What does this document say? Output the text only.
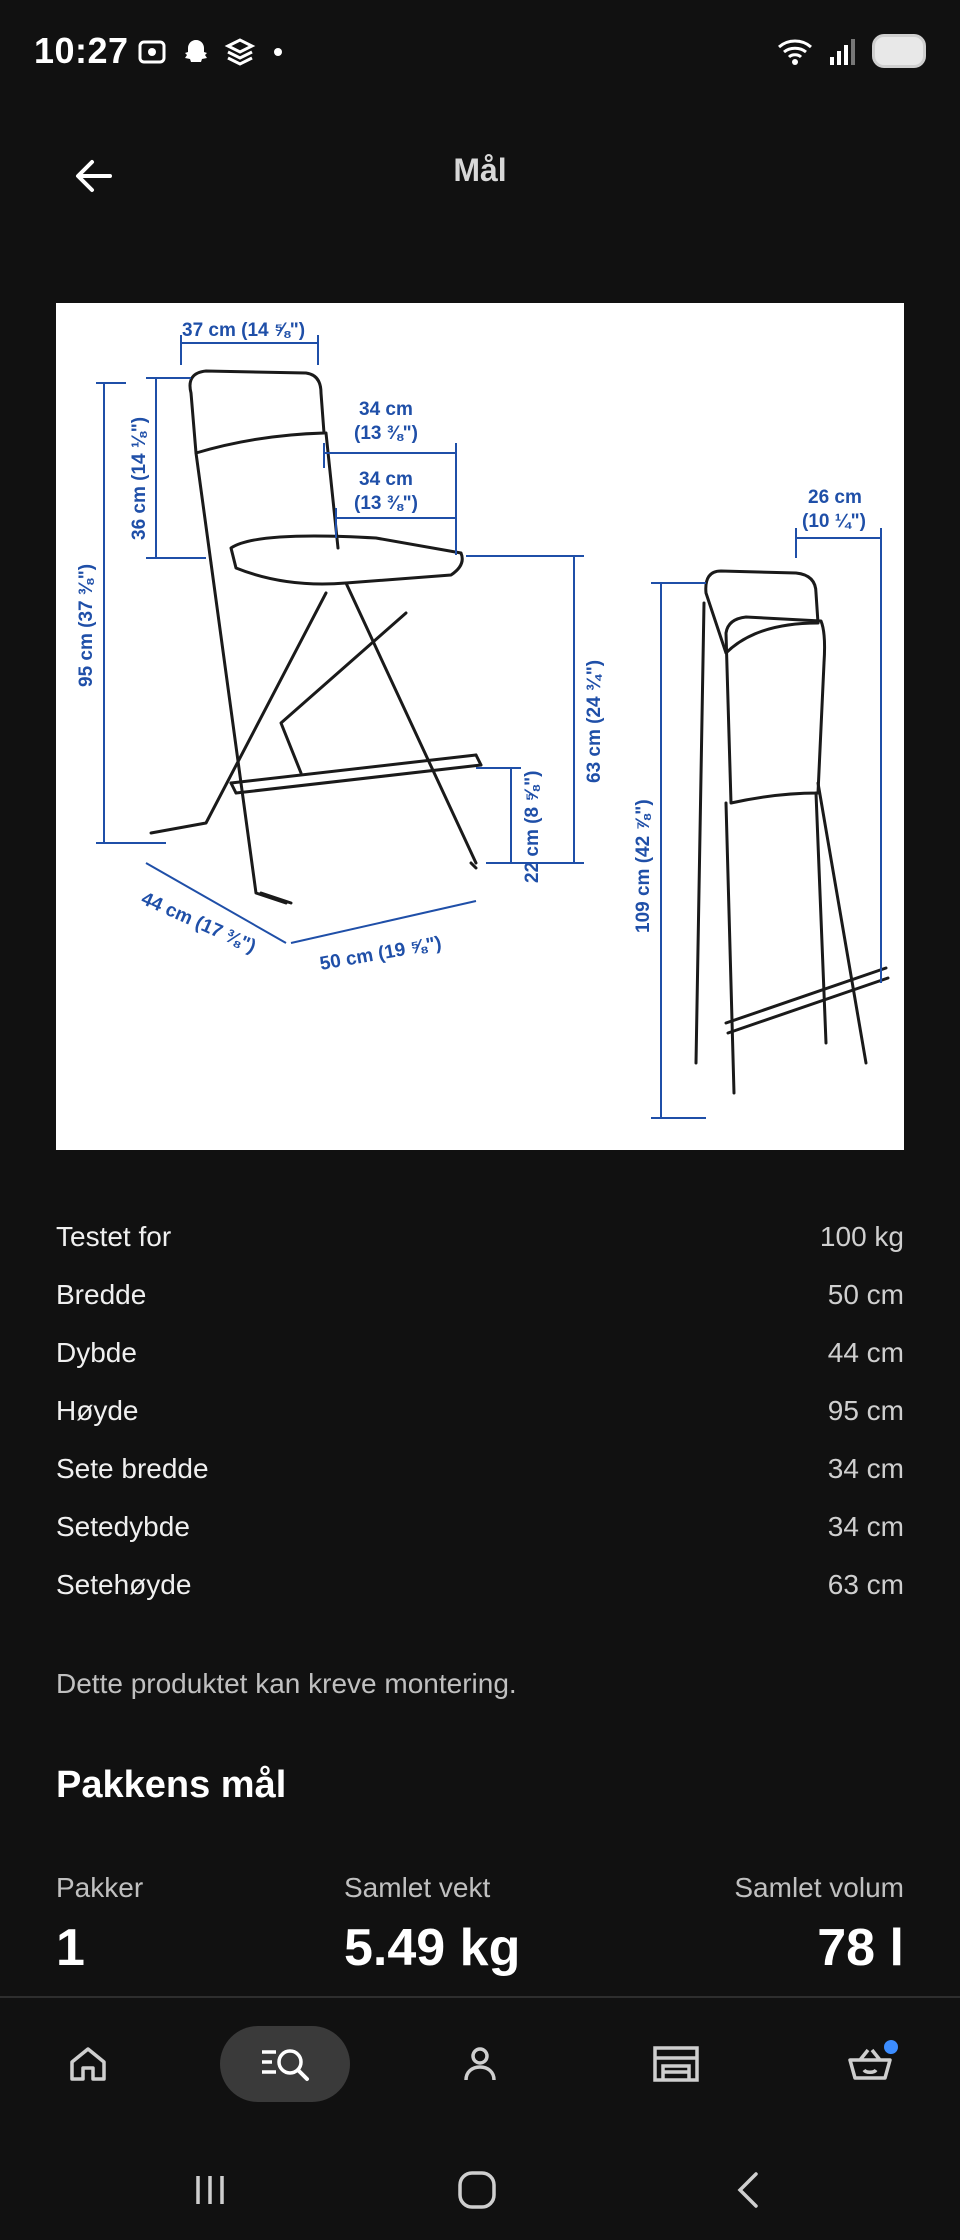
10:27
Mål
37 cm (14 ⅝")
36 cm (14 ⅛")
95 cm (37 ⅜")
34 cm
(13 ⅜")
34 cm
(13 ⅜")
63 cm (24 ¾")
22 cm (8 ⅝")
44 cm (17 ⅜")	50 cm (19 ⅝")
26 cm
(10 ¼")
109 cm (42 ⅞")
Testet for	100 kg
Bredde	50 cm
Dybde	44 cm
Høyde	95 cm
Sete bredde	34 cm
Setedybde	34 cm
Setehøyde	63 cm
Dette produktet kan kreve montering.
Pakkens mål
Pakker
1
Samlet vekt
5.49 kg
Samlet volum
78 l
